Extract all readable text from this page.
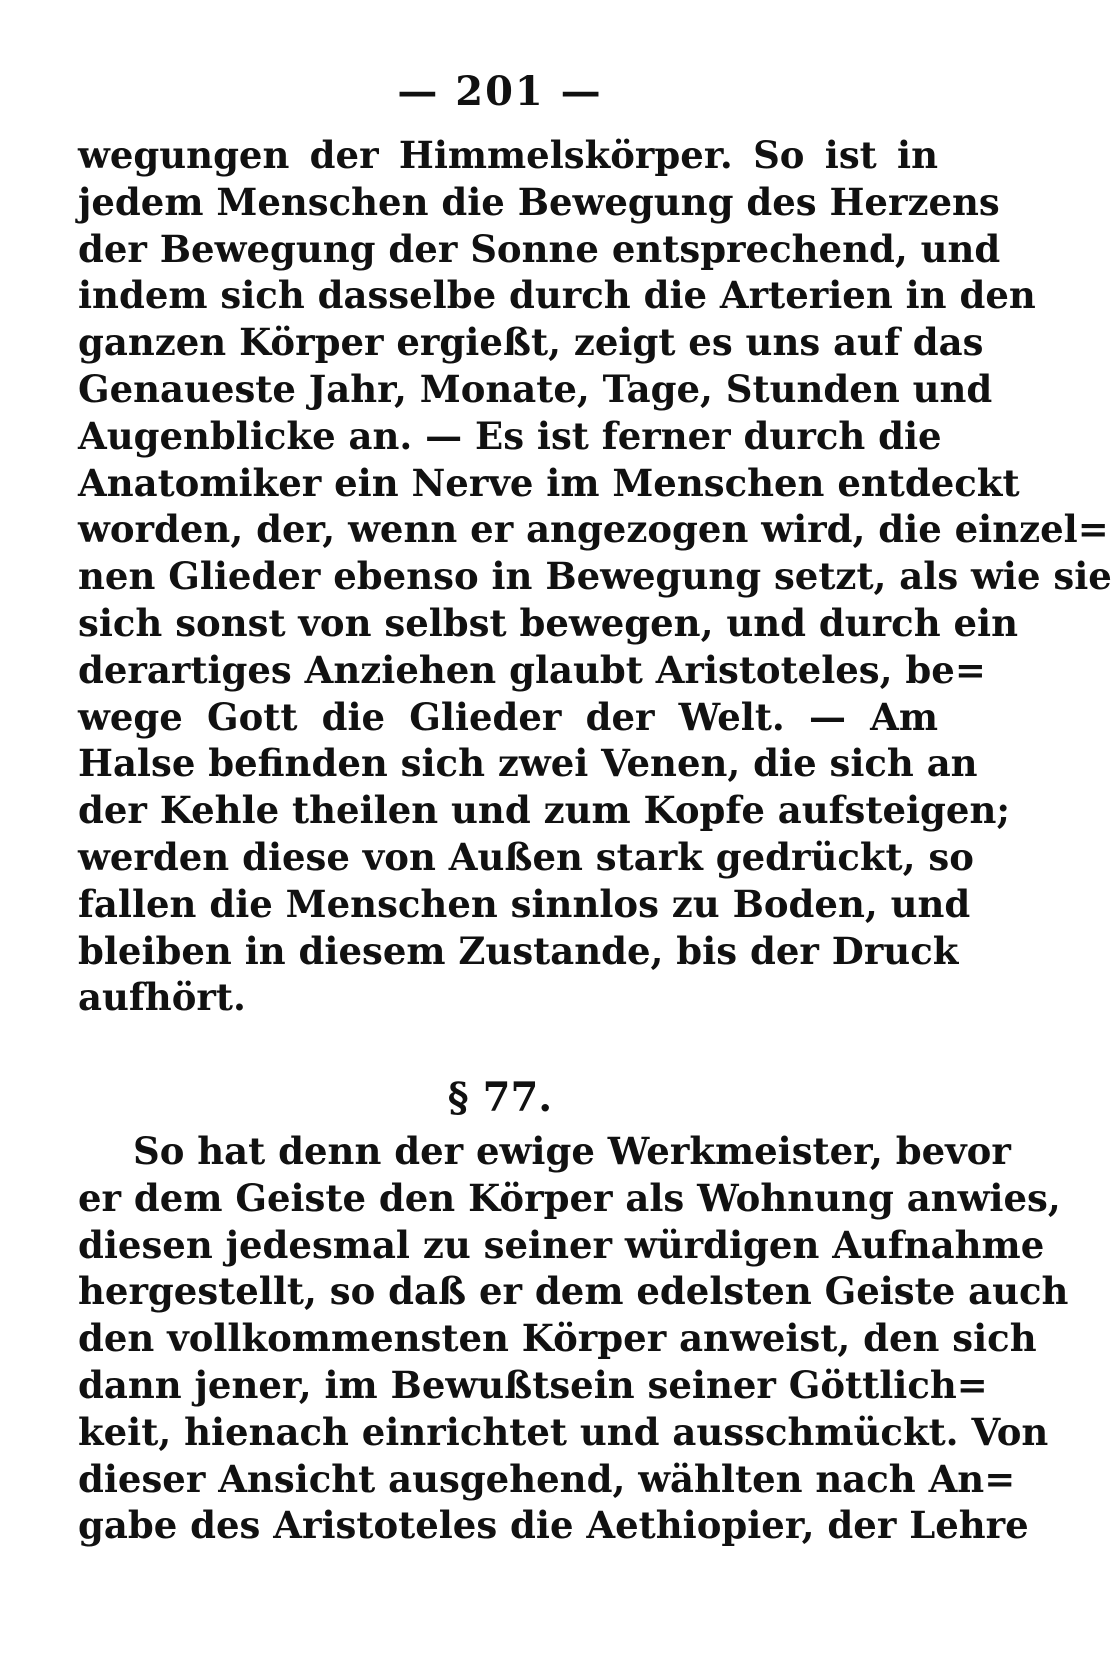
— 201 —
wegungen der Himmelskörper. So ist in
jedem Menschen die Bewegung des Herzens
der Bewegung der Sonne entsprechend, und
indem sich dasselbe durch die Arterien in den
ganzen Körper ergießt, zeigt es uns auf das
Genaueste Jahr, Monate, Tage, Stunden und
Augenblicke an. — Es ist ferner durch die
Anatomiker ein Nerve im Menschen entdeckt
worden, der, wenn er angezogen wird, die einzel=
nen Glieder ebenso in Bewegung setzt, als wie sie
sich sonst von selbst bewegen, und durch ein
derartiges Anziehen glaubt Aristoteles, be=
wege Gott die Glieder der Welt. — Am
Halse befinden sich zwei Venen, die sich an
der Kehle theilen und zum Kopfe aufsteigen;
werden diese von Außen stark gedrückt, so
fallen die Menschen sinnlos zu Boden, und
bleiben in diesem Zustande, bis der Druck
aufhört.
§ 77.
So hat denn der ewige Werkmeister, bevor
er dem Geiste den Körper als Wohnung anwies,
diesen jedesmal zu seiner würdigen Aufnahme
hergestellt, so daß er dem edelsten Geiste auch
den vollkommensten Körper anweist, den sich
dann jener, im Bewußtsein seiner Göttlich=
keit, hienach einrichtet und ausschmückt. Von
dieser Ansicht ausgehend, wählten nach An=
gabe des Aristoteles die Aethiopier, der Lehre
